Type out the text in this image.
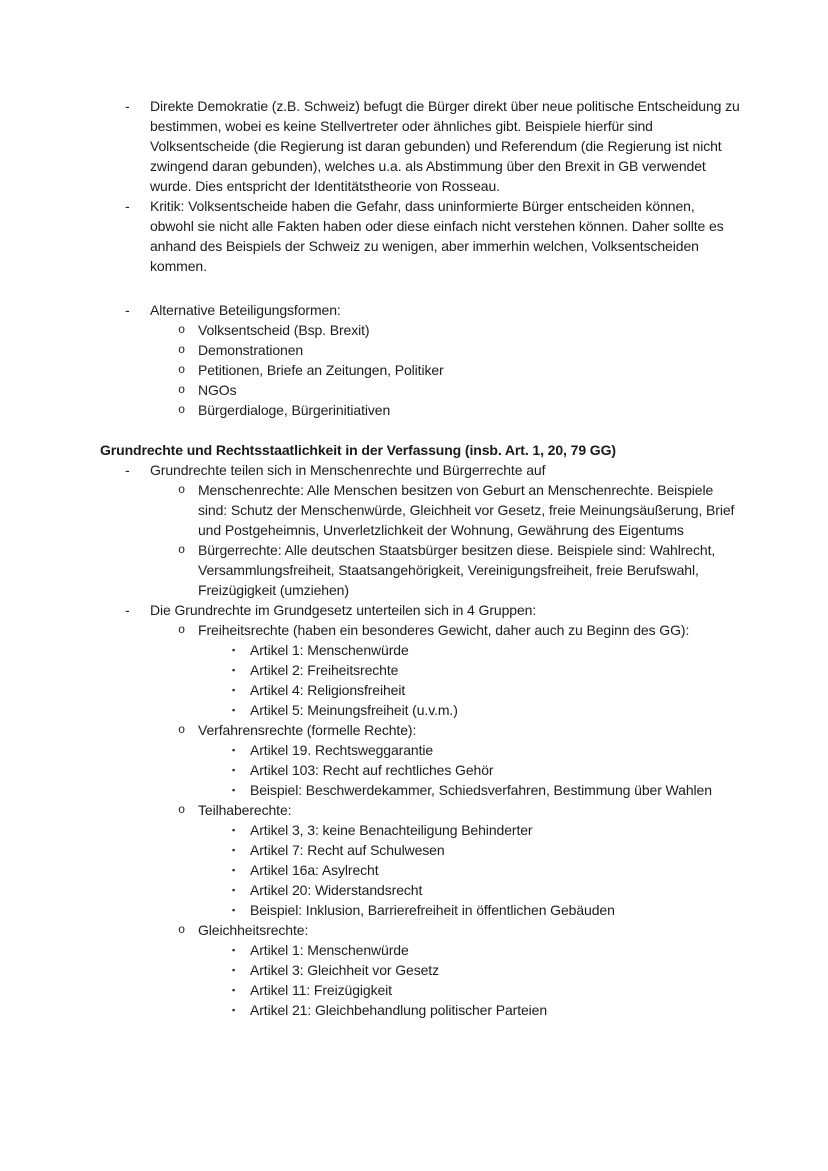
-	Direkte Demokratie (z.B. Schweiz) befugt die Bürger direkt über neue politische Entscheidung zu bestimmen, wobei es keine Stellvertreter oder ähnliches gibt. Beispiele hierfür sind Volksentscheide (die Regierung ist daran gebunden) und Referendum (die Regierung ist nicht zwingend daran gebunden), welches u.a. als Abstimmung über den Brexit in GB verwendet wurde. Dies entspricht der Identitätstheorie von Rosseau.
-	Kritik: Volksentscheide haben die Gefahr, dass uninformierte Bürger entscheiden können, obwohl sie nicht alle Fakten haben oder diese einfach nicht verstehen können. Daher sollte es anhand des Beispiels der Schweiz zu wenigen, aber immerhin welchen, Volksentscheiden kommen.
-	Alternative Beteiligungsformen:
o Volksentscheid (Bsp. Brexit)
o Demonstrationen
o Petitionen, Briefe an Zeitungen, Politiker
o NGOs
o Bürgerdialoge, Bürgerinitiativen
Grundrechte und Rechtsstaatlichkeit in der Verfassung (insb. Art. 1, 20, 79 GG)
-	Grundrechte teilen sich in Menschenrechte und Bürgerrechte auf
o Menschenrechte: Alle Menschen besitzen von Geburt an Menschenrechte. Beispiele sind: Schutz der Menschenwürde, Gleichheit vor Gesetz, freie Meinungsäußerung, Brief und Postgeheimnis, Unverletzlichkeit der Wohnung, Gewährung des Eigentums
o Bürgerrechte: Alle deutschen Staatsbürger besitzen diese. Beispiele sind: Wahlrecht, Versammlungsfreiheit, Staatsangehörigkeit, Vereinigungsfreiheit, freie Berufswahl, Freizügigkeit (umziehen)
-	Die Grundrechte im Grundgesetz unterteilen sich in 4 Gruppen:
o Freiheitsrechte (haben ein besonderes Gewicht, daher auch zu Beginn des GG):
▪	Artikel 1: Menschenwürde
▪	Artikel 2: Freiheitsrechte
▪	Artikel 4: Religionsfreiheit
▪	Artikel 5: Meinungsfreiheit (u.v.m.)
o Verfahrensrechte (formelle Rechte):
▪	Artikel 19. Rechtsweggarantie
▪	Artikel 103: Recht auf rechtliches Gehör
▪	Beispiel: Beschwerdekammer, Schiedsverfahren, Bestimmung über Wahlen
o Teilhaberechte:
▪	Artikel 3, 3: keine Benachteiligung Behinderter
▪	Artikel 7: Recht auf Schulwesen
▪	Artikel 16a: Asylrecht
▪	Artikel 20: Widerstandsrecht
▪	Beispiel: Inklusion, Barrierefreiheit in öffentlichen Gebäuden
o Gleichheitsrechte:
▪	Artikel 1: Menschenwürde
▪	Artikel 3: Gleichheit vor Gesetz
▪	Artikel 11: Freizügigkeit
▪	Artikel 21: Gleichbehandlung politischer Parteien
